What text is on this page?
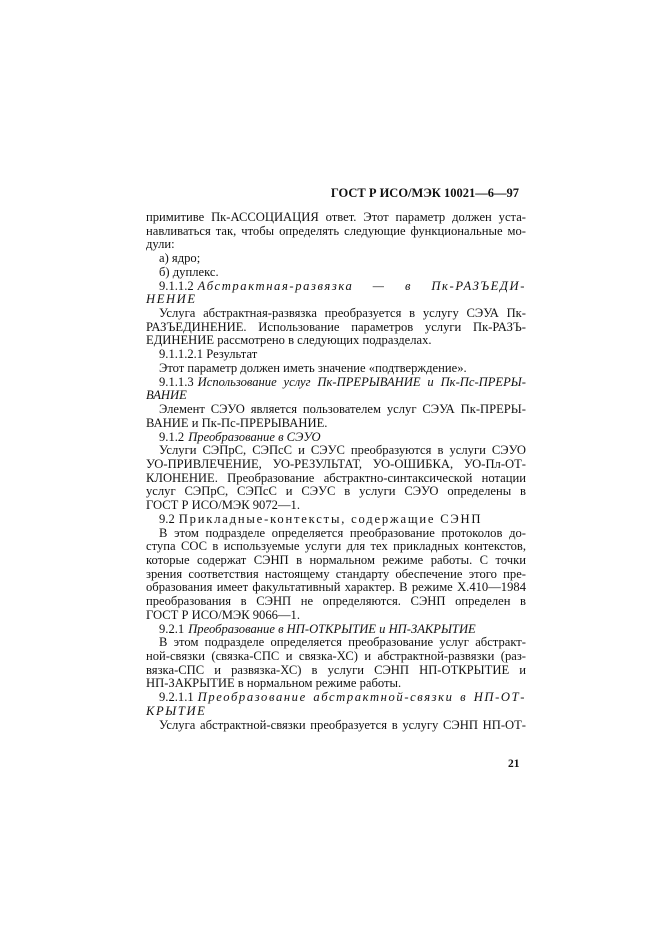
ГОСТ Р ИСО/МЭК 10021—6—97
примитиве Пк-АССОЦИАЦИЯ ответ. Этот параметр должен уста-
навливаться так, чтобы определять следующие функциональные мо-
дули:
а) ядро;
б) дуплекс.
9.1.1.2 Абстрактная-развязка — в Пк-РАЗЪЕДИ-
НЕНИЕ
Услуга абстрактная-развязка преобразуется в услугу СЭУА Пк-
РАЗЪЕДИНЕНИЕ. Использование параметров услуги Пк-РАЗЪ-
ЕДИНЕНИЕ рассмотрено в следующих подразделах.
9.1.1.2.1 Результат
Этот параметр должен иметь значение «подтверждение».
9.1.1.3 Использование услуг Пк-ПРЕРЫВАНИЕ и Пк-Пс-ПРЕРЫ-
ВАНИЕ
Элемент СЭУО является пользователем услуг СЭУА Пк-ПРЕРЫ-
ВАНИЕ и Пк-Пс-ПРЕРЫВАНИЕ.
9.1.2 Преобразование в СЭУО
Услуги СЭПрС, СЭПсС и СЭУС преобразуются в услуги СЭУО
УО-ПРИВЛЕЧЕНИЕ, УО-РЕЗУЛЬТАТ, УО-ОШИБКА, УО-Пл-ОТ-
КЛОНЕНИЕ. Преобразование абстрактно-синтаксической нотации
услуг СЭПрС, СЭПсС и СЭУС в услуги СЭУО определены в
ГОСТ Р ИСО/МЭК 9072—1.
9.2 Прикладные-контексты, содержащие СЭНП
В этом подразделе определяется преобразование протоколов до-
ступа СОС в используемые услуги для тех прикладных контекстов,
которые содержат СЭНП в нормальном режиме работы. С точки
зрения соответствия настоящему стандарту обеспечение этого пре-
образования имеет факультативный характер. В режиме X.410—1984
преобразования в СЭНП не определяются. СЭНП определен в
ГОСТ Р ИСО/МЭК 9066—1.
9.2.1 Преобразование в НП-ОТКРЫТИЕ и НП-ЗАКРЫТИЕ
В этом подразделе определяется преобразование услуг абстракт-
ной-связки (связка-СПС и связка-ХС) и абстрактной-развязки (раз-
вязка-СПС и развязка-ХС) в услуги СЭНП НП-ОТКРЫТИЕ и
НП-ЗАКРЫТИЕ в нормальном режиме работы.
9.2.1.1 Преобразование абстрактной-связки в НП-ОТ-
КРЫТИЕ
Услуга абстрактной-связки преобразуется в услугу СЭНП НП-ОТ-
21
